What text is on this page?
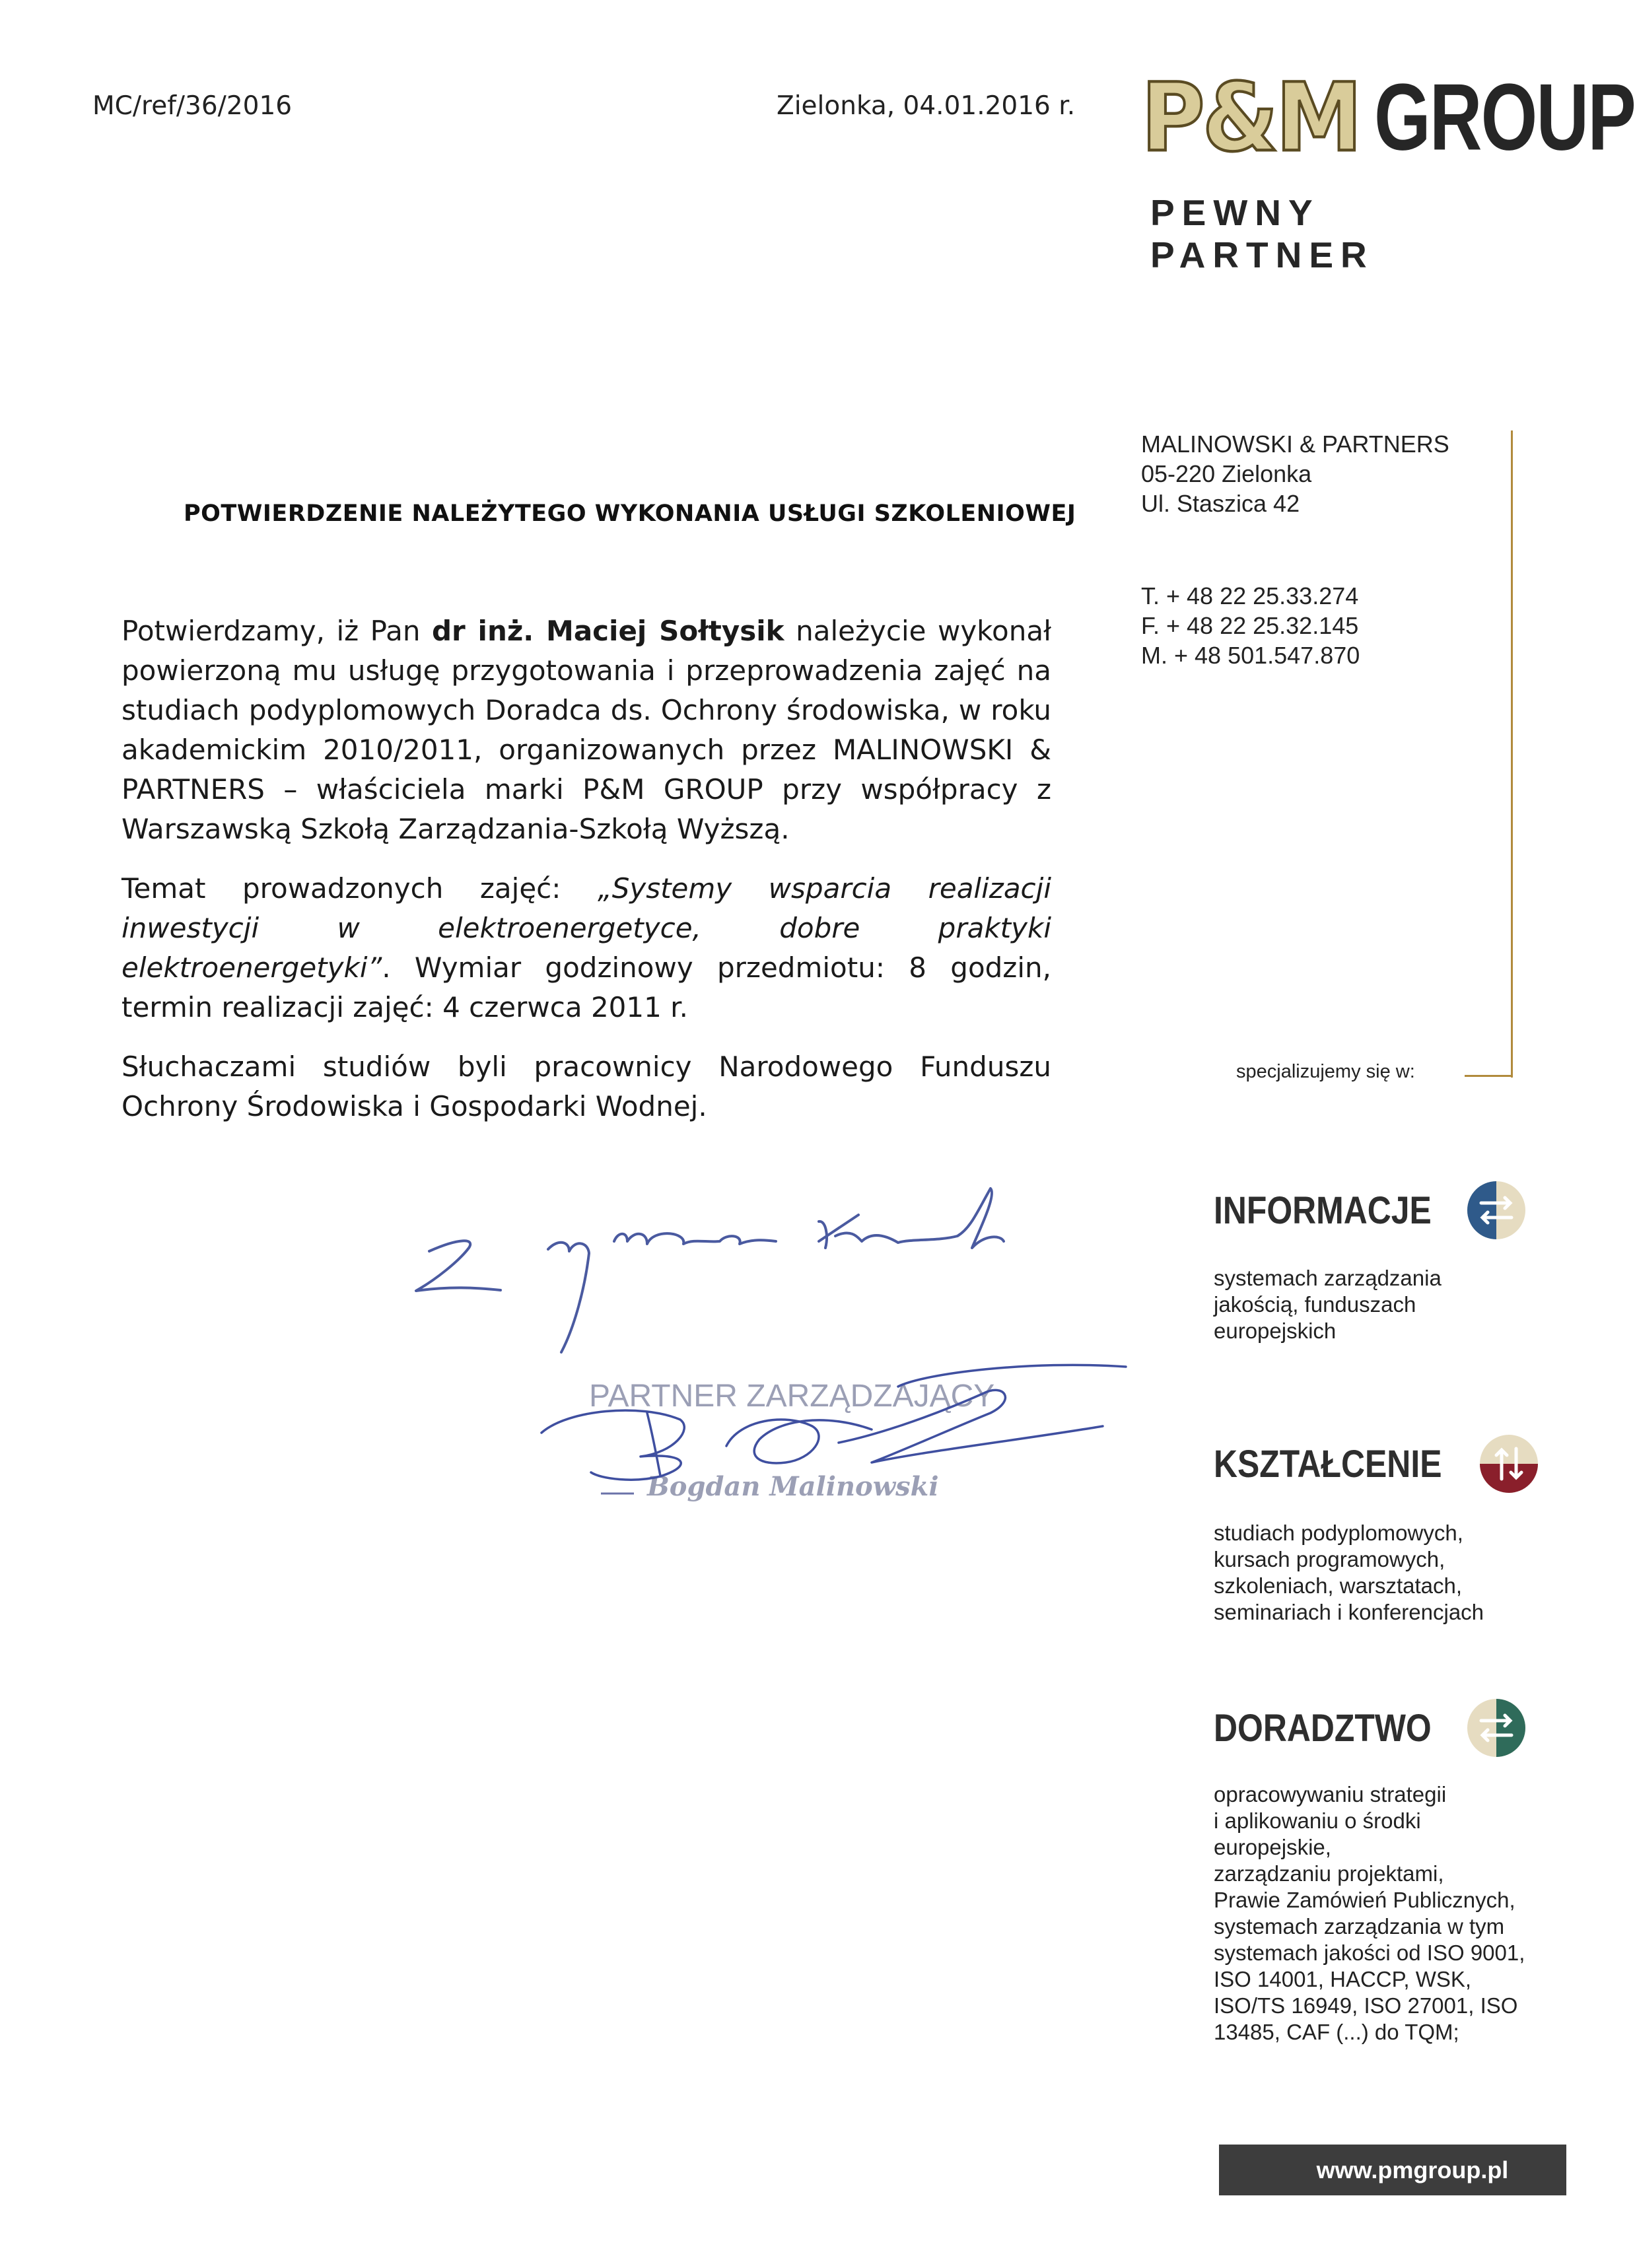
MC/ref/36/2016	Zielonka, 04.01.2016 r. P&M GROUP
PEWNY PARTNER
MALINOWSKI & PARTNERS
05-220 Zielonka
Ul. Staszica 42
T. + 48 22 25.33.274
F. + 48 22 25.32.145
M. + 48 501.547.870
specjalizujemy się w:
INFORMACJE
systemach zarządzania
jakością, funduszach
europejskich
KSZTAŁCENIE
studiach podyplomowych,
kursach programowych,
szkoleniach, warsztatach,
seminariach i konferencjach
DORADZTWO
opracowywaniu strategii
i aplikowaniu o środki
europejskie,
zarządzaniu projektami,
Prawie Zamówień Publicznych,
systemach zarządzania w tym
systemach jakości od ISO 9001,
ISO 14001, HACCP, WSK,
ISO/TS 16949, ISO 27001, ISO
13485, CAF (...) do TQM;
POTWIERDZENIE NALEŻYTEGO WYKONANIA USŁUGI SZKOLENIOWEJ

Potwierdzamy, iż Pan dr inż. Maciej Sołtysik należycie wykonał powierzoną mu usługę przygotowania i przeprowadzenia zajęć na studiach podyplomowych Doradca ds. Ochrony środowiska, w roku akademickim 2010/2011, organizowanych przez MALINOWSKI & PARTNERS – właściciela marki P&M GROUP przy współpracy z Warszawską Szkołą Zarządzania-Szkołą Wyższą.

Temat prowadzonych zajęć: „Systemy wsparcia realizacji inwestycji w elektroenergetyce, dobre praktyki elektroenergetyki”. Wymiar godzinowy przedmiotu: 8 godzin, termin realizacji zajęć: 4 czerwca 2011 r.

Słuchaczami studiów byli pracownicy Narodowego Funduszu Ochrony Środowiska i Gospodarki Wodnej.

PARTNER ZARZĄDZAJĄCY
Bogdan Malinowski
www.pmgroup.pl
